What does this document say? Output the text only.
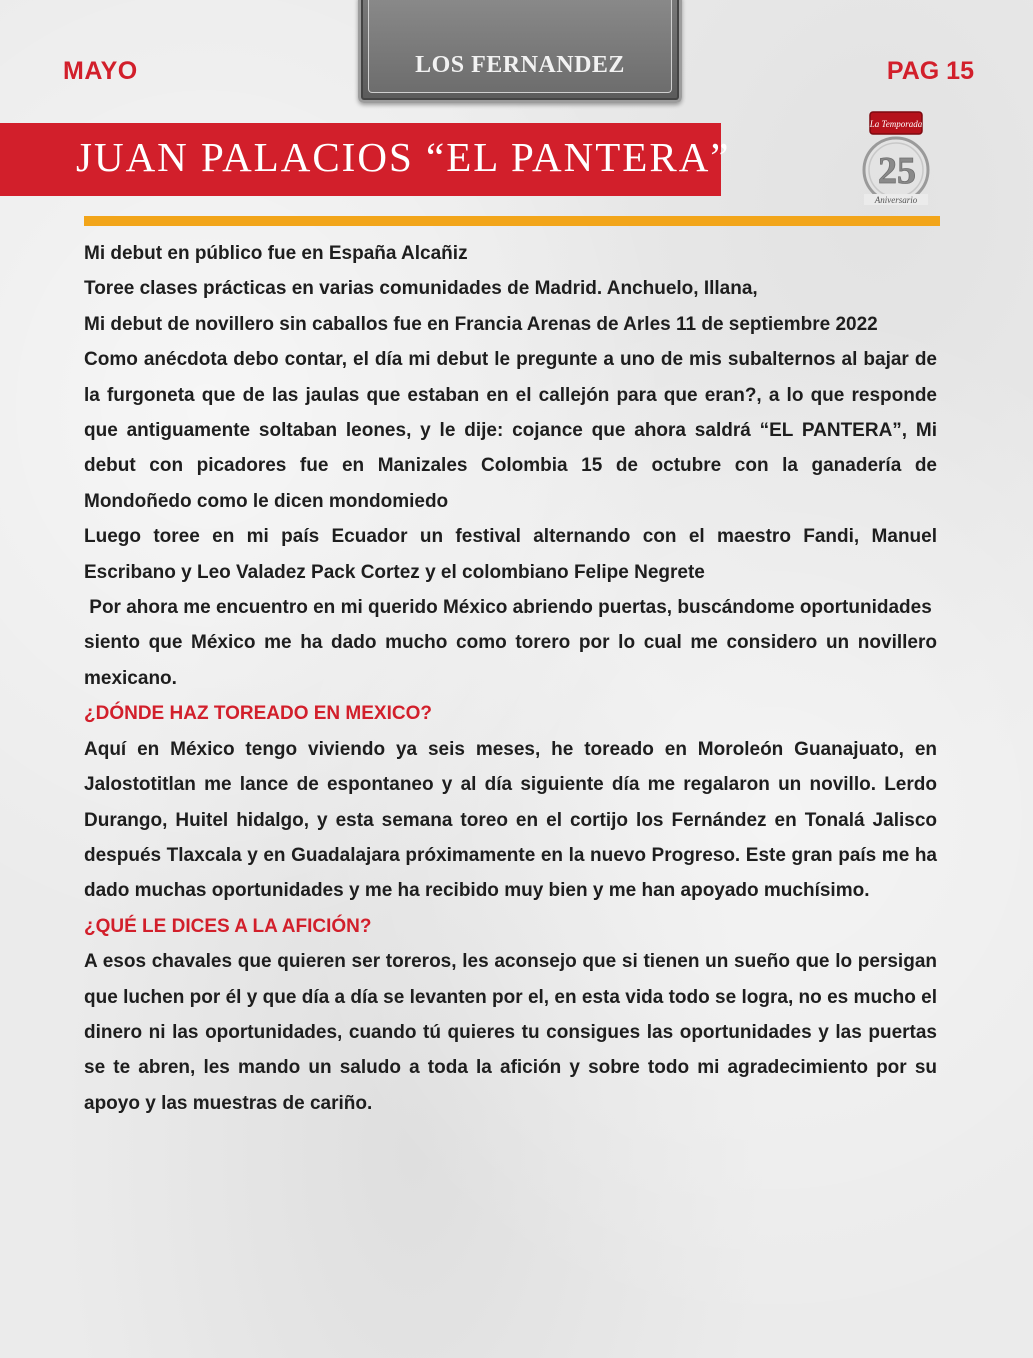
MAYO	LOS FERNANDEZ	PAG 15
JUAN PALACIOS “EL PANTERA”
La Temporada
25
Aniversario

Mi debut en público fue en España Alcañiz

Toree clases prácticas en varias comunidades de Madrid. Anchuelo, Illana,

Mi debut de novillero sin caballos fue en Francia Arenas de Arles 11 de septiembre 2022

Como anécdota debo contar, el día mi debut le pregunte a uno de mis subalternos al bajar de la furgoneta que de las jaulas que estaban en el callejón para que eran?, a lo que responde que antiguamente soltaban leones, y le dije: cojance que ahora saldrá “EL PANTERA”, Mi debut con picadores fue en Manizales Colombia 15 de octubre con la ganadería de Mondoñedo como le dicen mondomiedo

Luego toree en mi país Ecuador un festival alternando con el maestro Fandi, Manuel Escribano y Leo Valadez Pack Cortez y el colombiano Felipe Negrete

Por ahora me encuentro en mi querido México abriendo puertas, buscándome oportunidades

siento que México me ha dado mucho como torero por lo cual me considero un novillero mexicano.

¿DÓNDE HAZ TOREADO EN MEXICO?

Aquí en México tengo viviendo ya seis meses, he toreado en Moroleón Guanajuato, en Jalostotitlan me lance de espontaneo y al día siguiente día me regalaron un novillo. Lerdo Durango, Huitel hidalgo, y esta semana toreo en el cortijo los Fernández en Tonalá Jalisco después Tlaxcala y en Guadalajara próximamente en la nuevo Progreso. Este gran país me ha dado muchas oportunidades y me ha recibido muy bien y me han apoyado muchísimo.

¿QUÉ LE DICES A LA AFICIÓN?

A esos chavales que quieren ser toreros, les aconsejo que si tienen un sueño que lo persigan que luchen por él y que día a día se levanten por el, en esta vida todo se logra, no es mucho el dinero ni las oportunidades, cuando tú quieres tu consigues las oportunidades y las puertas se te abren, les mando un saludo a toda la afición y sobre todo mi agradecimiento por su apoyo y las muestras de cariño.
